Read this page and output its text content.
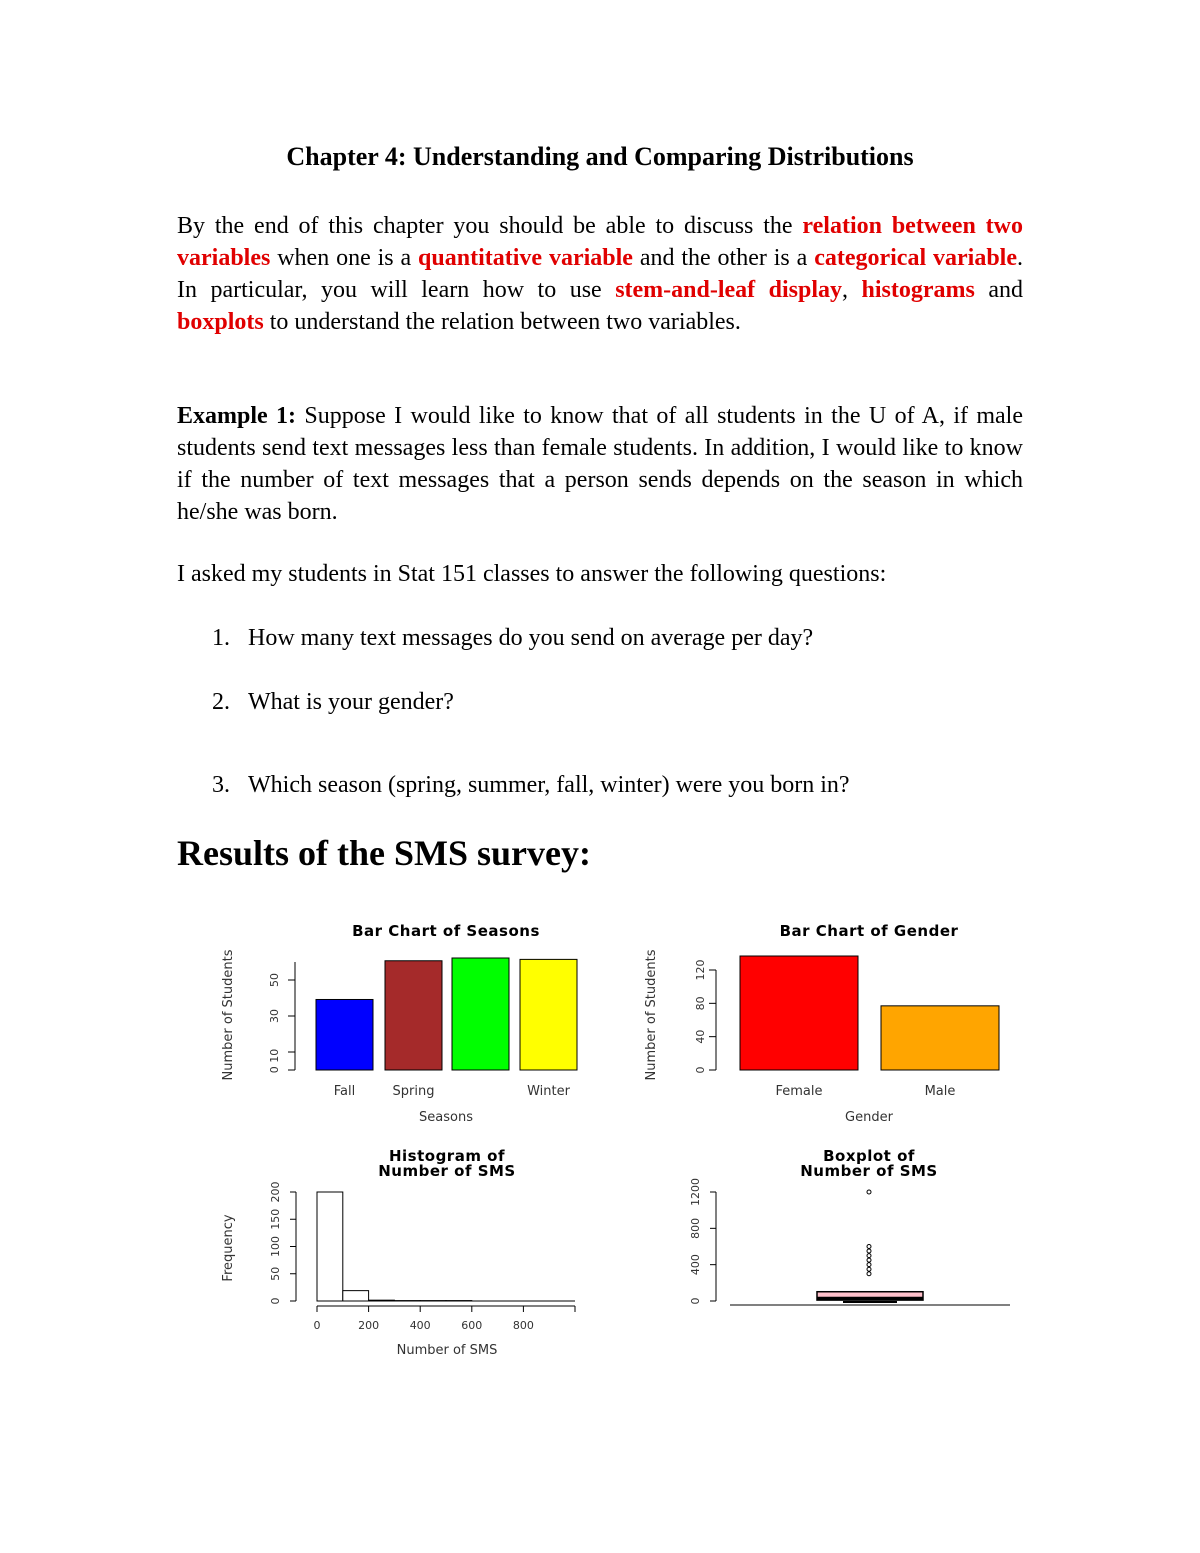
Chapter 4: Understanding and Comparing Distributions
By the end of this chapter you should be able to discuss the relation between two variables when one is a quantitative variable and the other is a categorical variable. In particular, you will learn how to use stem-and-leaf display, histograms and boxplots to understand the relation between two variables.
Example 1: Suppose I would like to know that of all students in the U of A, if male students send text messages less than female students. In addition, I would like to know if the number of text messages that a person sends depends on the season in which he/she was born.
I asked my students in Stat 151 classes to answer the following questions:
1. How many text messages do you send on average per day?
2. What is your gender?
3. Which season (spring, summer, fall, winter) were you born in?
Results of the SMS survey:
Bar Chart of Seasons
Fall	Spring	Winter
0 10
30
50
Number of Students
Seasons
Bar Chart of Gender
Female	Male
0
40
80
120
Number of Students
Gender
Histogram of
Number of SMS
0	200	400	600	800
0
50
100
150
200
Frequency
Number of SMS
Boxplot of
Number of SMS
0
400
800
1200
